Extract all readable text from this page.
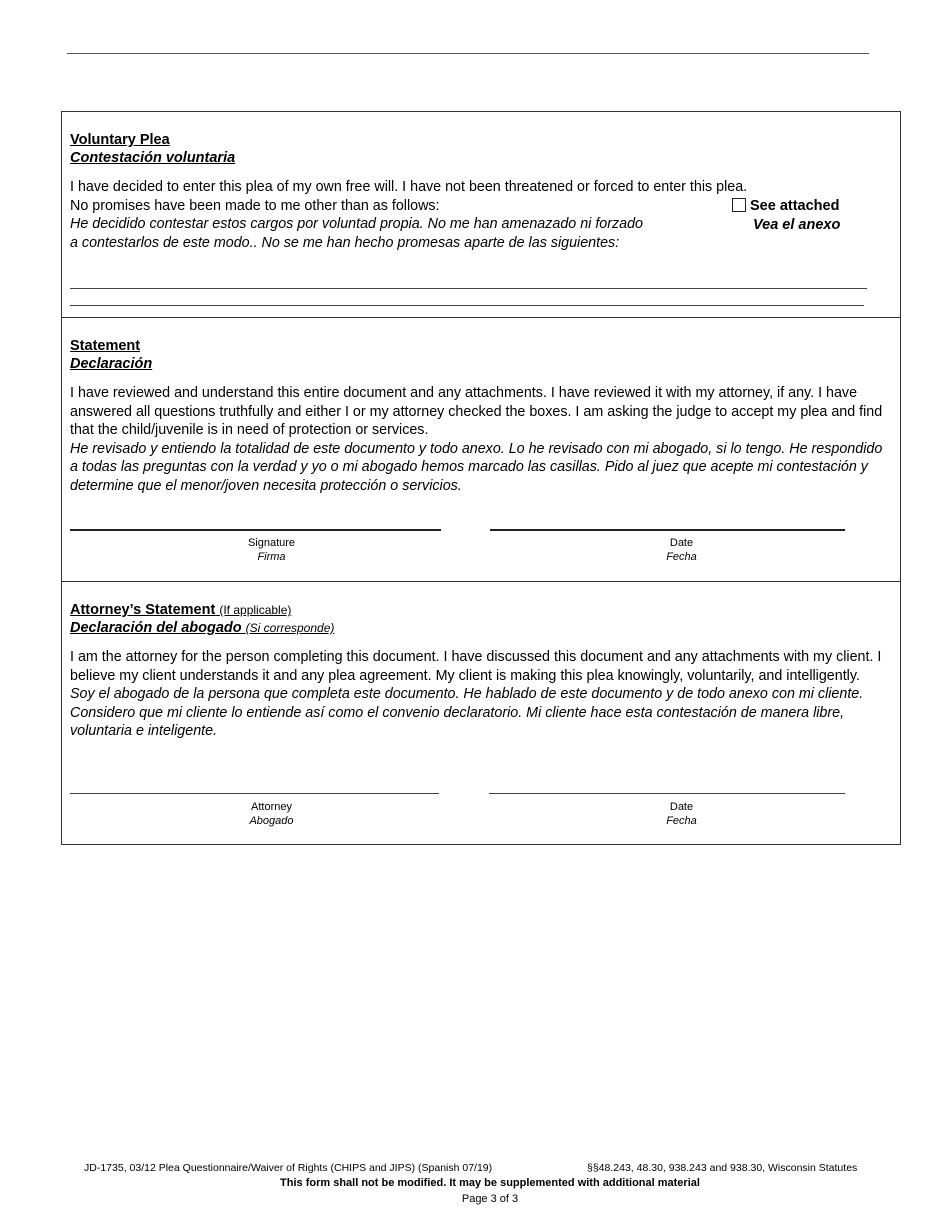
Voluntary Plea
Contestación voluntaria
I have decided to enter this plea of my own free will. I have not been threatened or forced to enter this plea.
No promises have been made to me other than as follows:
He decidido contestar estos cargos por voluntad propia. No me han amenazado ni forzado
a contestarlos de este modo.. No se me han hecho promesas aparte de las siguientes:
See attached
Vea el anexo
Statement
Declaración
I have reviewed and understand this entire document and any attachments. I have reviewed it with my attorney, if any. I have answered all questions truthfully and either I or my attorney checked the boxes. I am asking the judge to accept my plea and find that the child/juvenile is in need of protection or services.
He revisado y entiendo la totalidad de este documento y todo anexo. Lo he revisado con mi abogado, si lo tengo. He respondido a todas las preguntas con la verdad y yo o mi abogado hemos marcado las casillas. Pido al juez que acepte mi contestación y determine que el menor/joven necesita protección o servicios.
Signature
Firma
Date
Fecha
Attorney’s Statement (If applicable)
Declaración del abogado (Si corresponde)
I am the attorney for the person completing this document. I have discussed this document and any attachments with my client. I believe my client understands it and any plea agreement. My client is making this plea knowingly, voluntarily, and intelligently.
Soy el abogado de la persona que completa este documento. He hablado de este documento y de todo anexo con mi cliente. Considero que mi cliente lo entiende así como el convenio declaratorio. Mi cliente hace esta contestación de manera libre, voluntaria e inteligente.
Attorney
Abogado
Date
Fecha
JD-1735, 03/12 Plea Questionnaire/Waiver of Rights (CHIPS and JIPS) (Spanish 07/19)	§§48.243, 48.30, 938.243 and 938.30, Wisconsin Statutes
This form shall not be modified. It may be supplemented with additional material
Page 3 of 3
